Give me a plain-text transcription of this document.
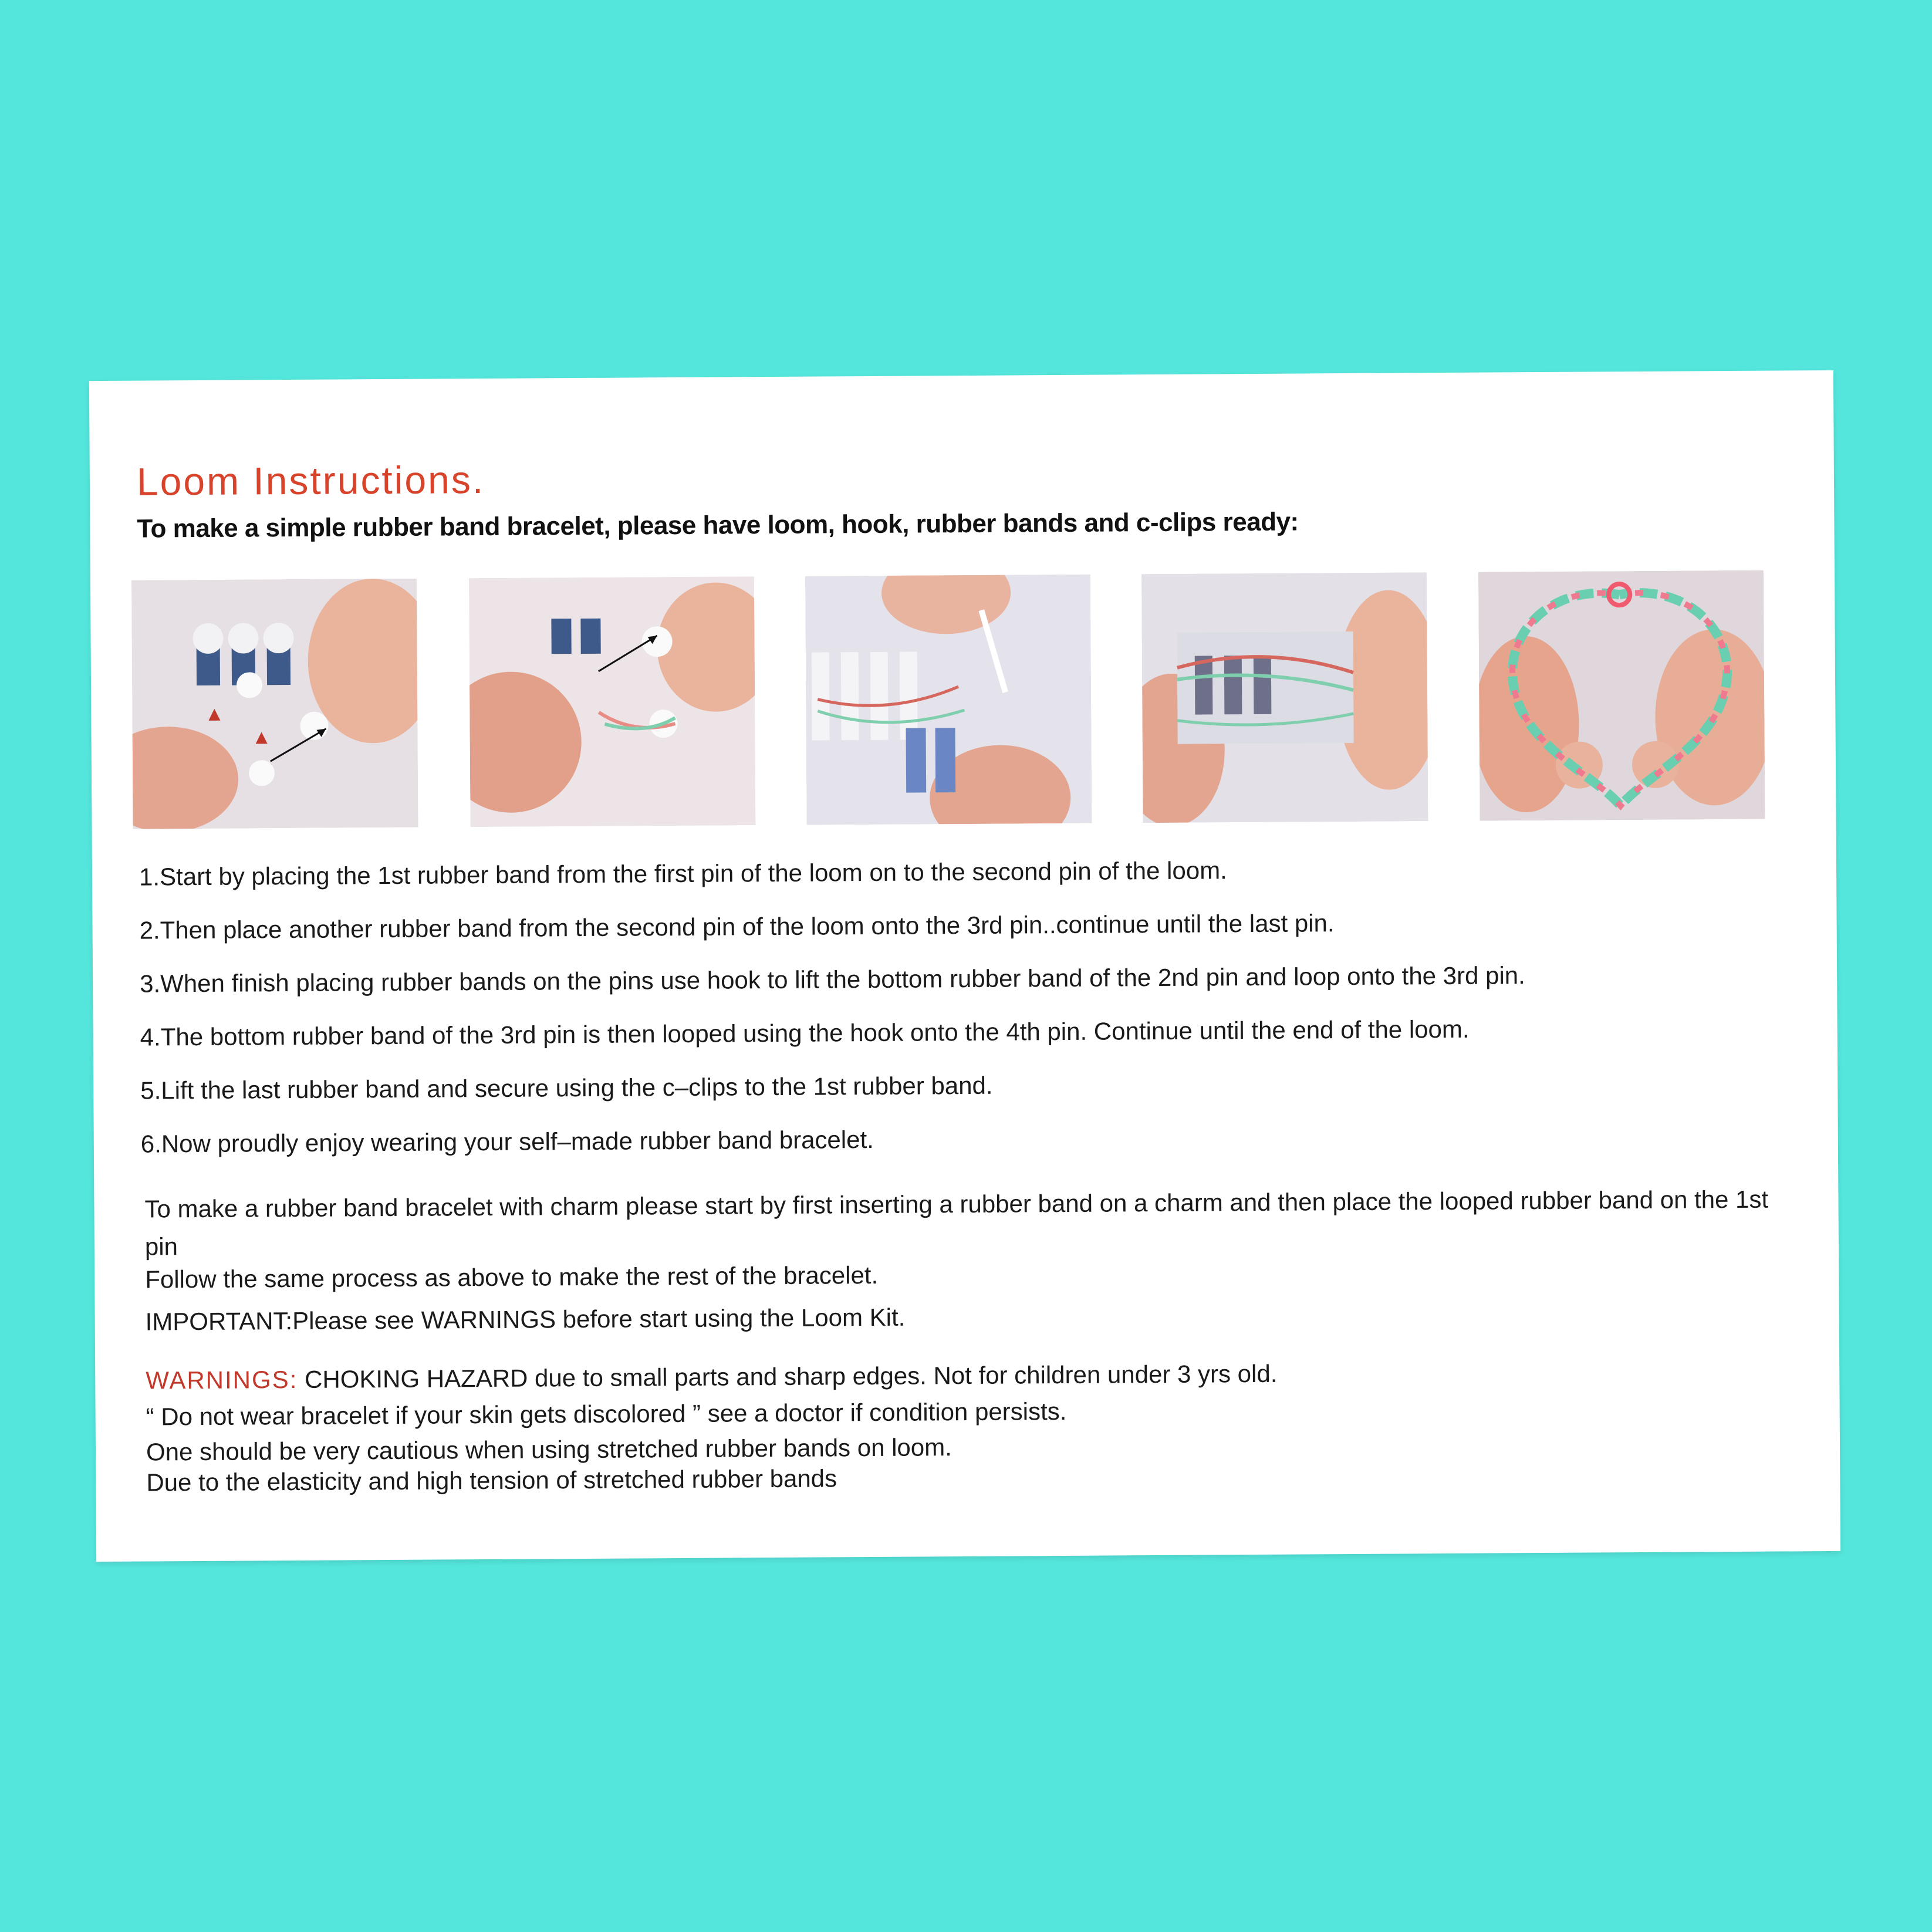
Loom Instructions.

To make a simple rubber band bracelet, please have loom, hook, rubber bands and c-clips ready:

1.Start by placing the 1st rubber band from the first pin of the loom on to the second pin of the loom.
2.Then place another rubber band from the second pin of the loom onto the 3rd pin..continue until the last pin.
3.When finish placing rubber bands on the pins use hook to lift the bottom rubber band of the 2nd pin and loop onto the 3rd pin.
4.The bottom rubber band of the 3rd pin is then looped using the hook onto the 4th pin. Continue until the end of the loom.
5.Lift the last rubber band and secure using the c–clips to the 1st rubber band.
6.Now proudly enjoy wearing your self–made rubber band bracelet.

To make a rubber band bracelet with charm please start by first inserting a rubber band on a charm and then place the looped rubber band on the 1st pin

Follow the same process as above to make the rest of the bracelet.

IMPORTANT:Please see WARNINGS before start using the Loom Kit.

WARNINGS: CHOKING HAZARD due to small parts and sharp edges. Not for children under 3 yrs old.

“ Do not wear bracelet if your skin gets discolored ” see a doctor if condition persists.

One should be very cautious when using stretched rubber bands on loom.

Due to the elasticity and high tension of stretched rubber bands
